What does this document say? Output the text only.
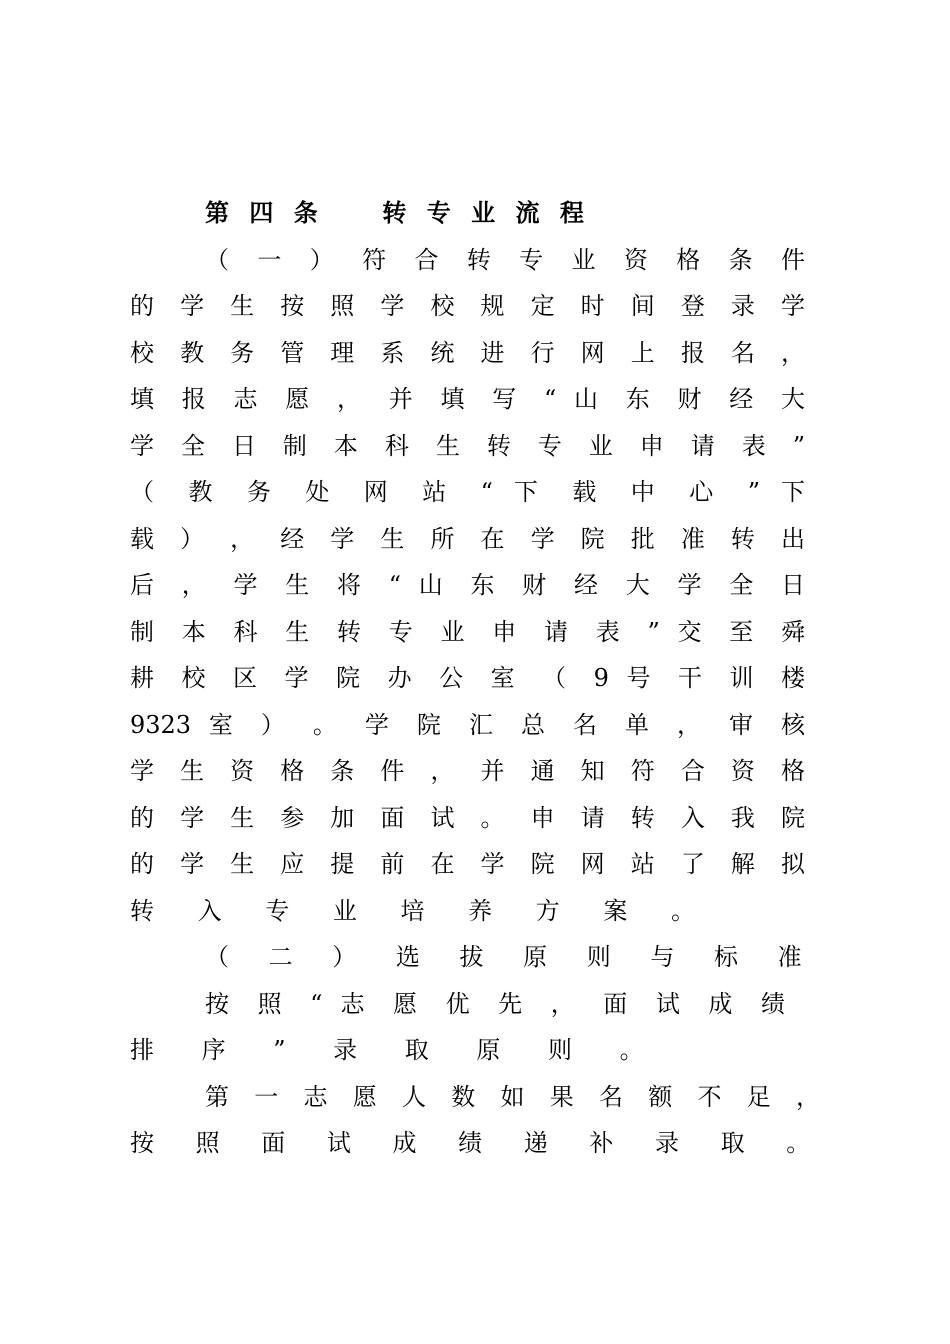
第 四 条 　 转 专 业 流 程
（ 一 ） 符 合 转 专 业 资 格 条 件
的 学 生 按 照 学 校 规 定 时 间 登 录 学
校 教 务 管 理 系 统 进 行 网 上 报 名 ，
填 报 志 愿 ， 并 填 写 “ 山 东 财 经 大
学 全 日 制 本 科 生 转 专 业 申 请 表 ”
（ 教 务 处 网 站 “ 下 载 中 心 ” 下
载 ） ， 经 学 生 所 在 学 院 批 准 转 出
后 ， 学 生 将 “ 山 东 财 经 大 学 全 日
制 本 科 生 转 专 业 申 请 表 ” 交 至 舜
耕 校 区 学 院 办 公 室 （ 9 号 干 训 楼
9323 室 ） 。 学 院 汇 总 名 单 ， 审 核
学 生 资 格 条 件 ， 并 通 知 符 合 资 格
的 学 生 参 加 面 试 。 申 请 转 入 我 院
的 学 生 应 提 前 在 学 院 网 站 了 解 拟
转 入 专 业 培 养 方 案 。
（ 二 ） 选 拔 原 则 与 标 准
按 照 “ 志 愿 优 先 ， 面 试 成 绩
排 序 ” 录 取 原 则 。
第 一 志 愿 人 数 如 果 名 额 不 足 ，
按 照 面 试 成 绩 递 补 录 取 。
